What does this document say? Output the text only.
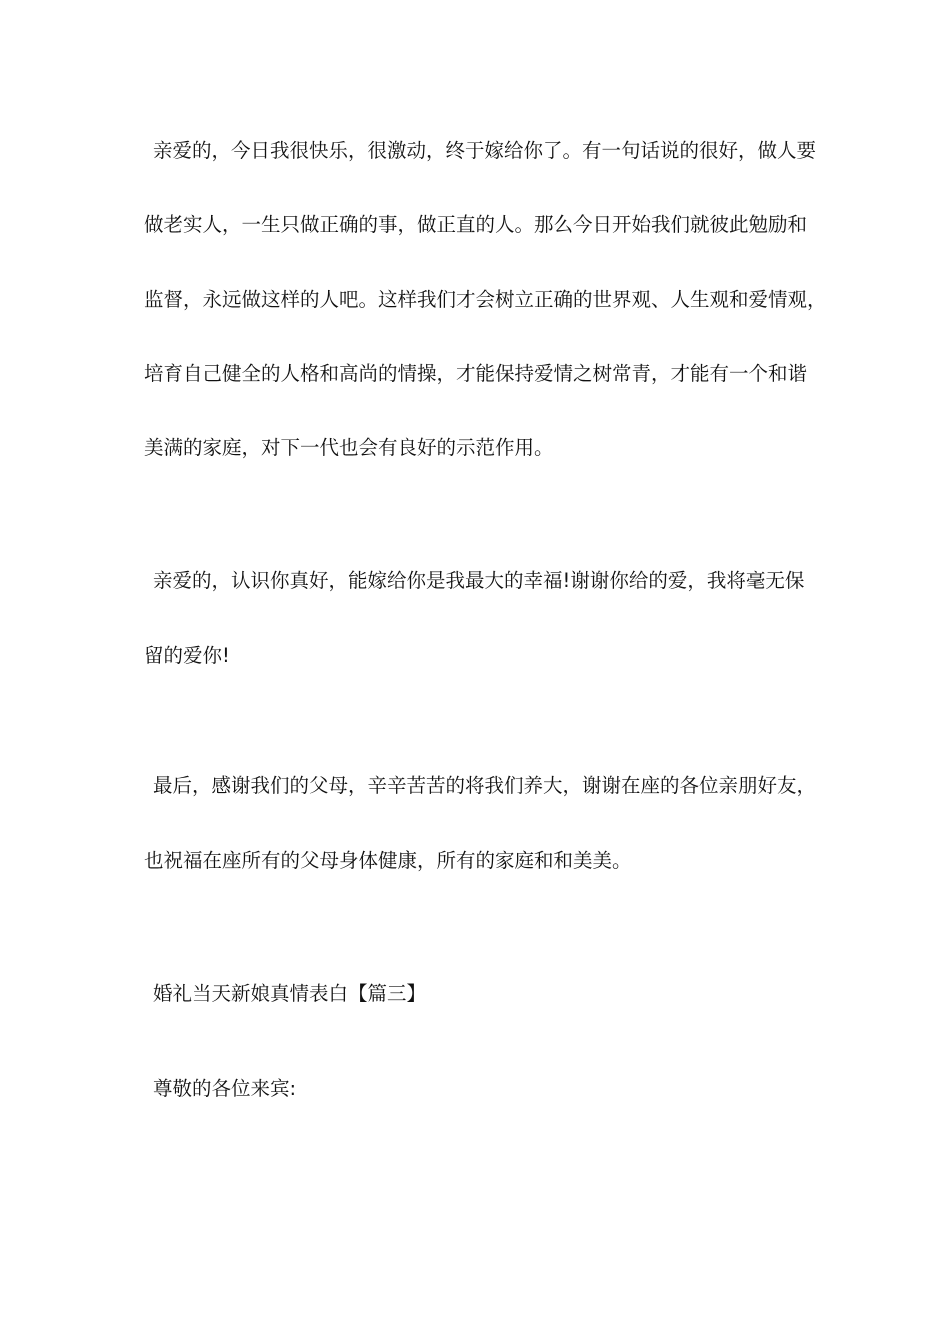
亲爱的，今日我很快乐，很激动，终于嫁给你了。有一句话说的很好，做人要
做老实人，一生只做正确的事，做正直的人。那么今日开始我们就彼此勉励和
监督，永远做这样的人吧。这样我们才会树立正确的世界观、人生观和爱情观，
培育自己健全的人格和高尚的情操，才能保持爱情之树常青，才能有一个和谐
美满的家庭，对下一代也会有良好的示范作用。
亲爱的，认识你真好，能嫁给你是我最大的幸福!谢谢你给的爱，我将毫无保
留的爱你!
最后，感谢我们的父母，辛辛苦苦的将我们养大，谢谢在座的各位亲朋好友，
也祝福在座所有的父母身体健康，所有的家庭和和美美。
婚礼当天新娘真情表白【篇三】
尊敬的各位来宾:
